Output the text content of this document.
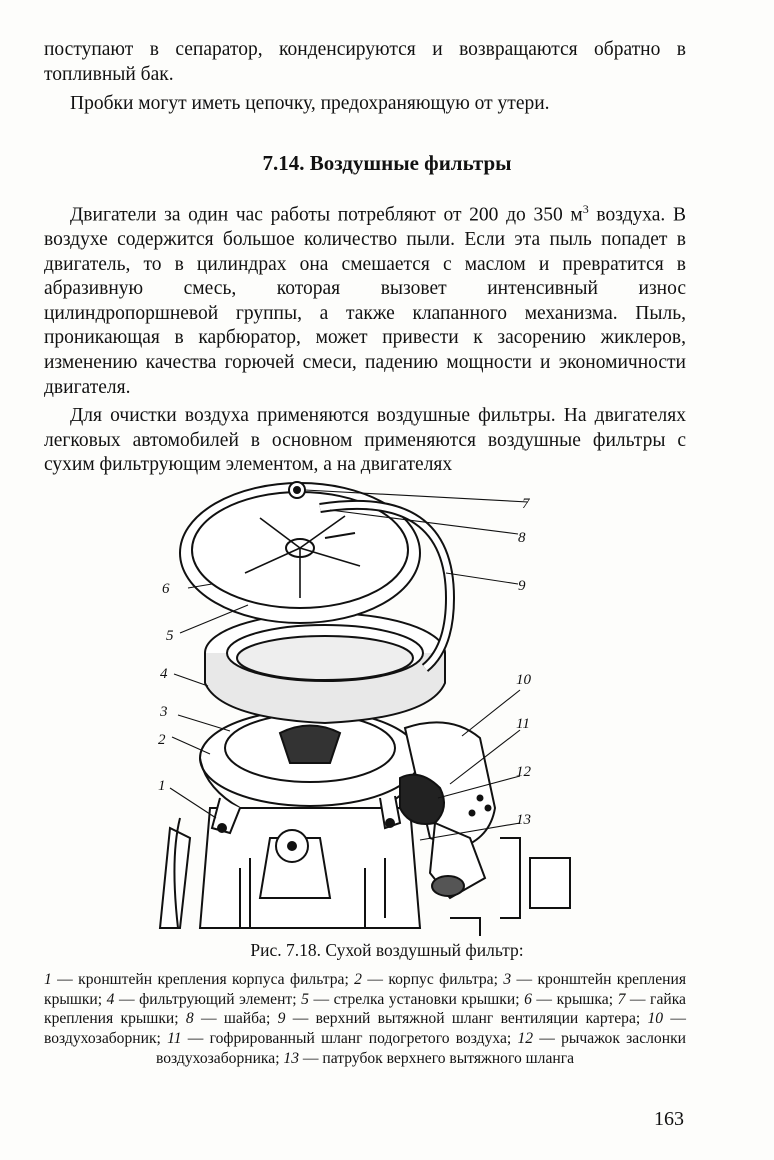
поступают в сепаратор, конденсируются и возвращаются обратно в топливный бак.

Пробки могут иметь цепочку, предохраняющую от утери.

7.14. Воздушные фильтры

Двигатели за один час работы потребляют от 200 до 350 $м^3$ воздуха. В воздухе содержится большое количество пыли. Если эта пыль попадет в двигатель, то в цилиндрах она смешается с маслом и превратится в абразивную смесь, которая вызовет интенсивный износ цилиндропоршневой группы, а также клапанного механизма. Пыль, проникающая в карбюратор, может привести к засорению жиклеров, изменению качества горючей смеси, падению мощности и экономичности двигателя.

Для очистки воздуха применяются воздушные фильтры. На двигателях легковых автомобилей в основном применяются воздушные фильтры с сухим фильтрующим элементом, а на двигателях

7
8
9
6
5
4
3
2
1
10
11
12
13
Рис. 7.18. Сухой воздушный фильтр:
1 — кронштейн крепления корпуса фильтра; 2 — корпус фильтра; 3 — кронштейн крепления крышки; 4 — фильтрующий элемент; 5 — стрелка установки крышки; 6 — крышка; 7 — гайка крепления крышки; 8 — шайба; 9 — верхний вытяжной шланг вентиляции картера; 10 — воздухозаборник; 11 — гофрированный шланг подогретого воздуха; 12 — рычажок заслонки воздухозаборника; 13 — патрубок верхнего вытяжного шланга
163
